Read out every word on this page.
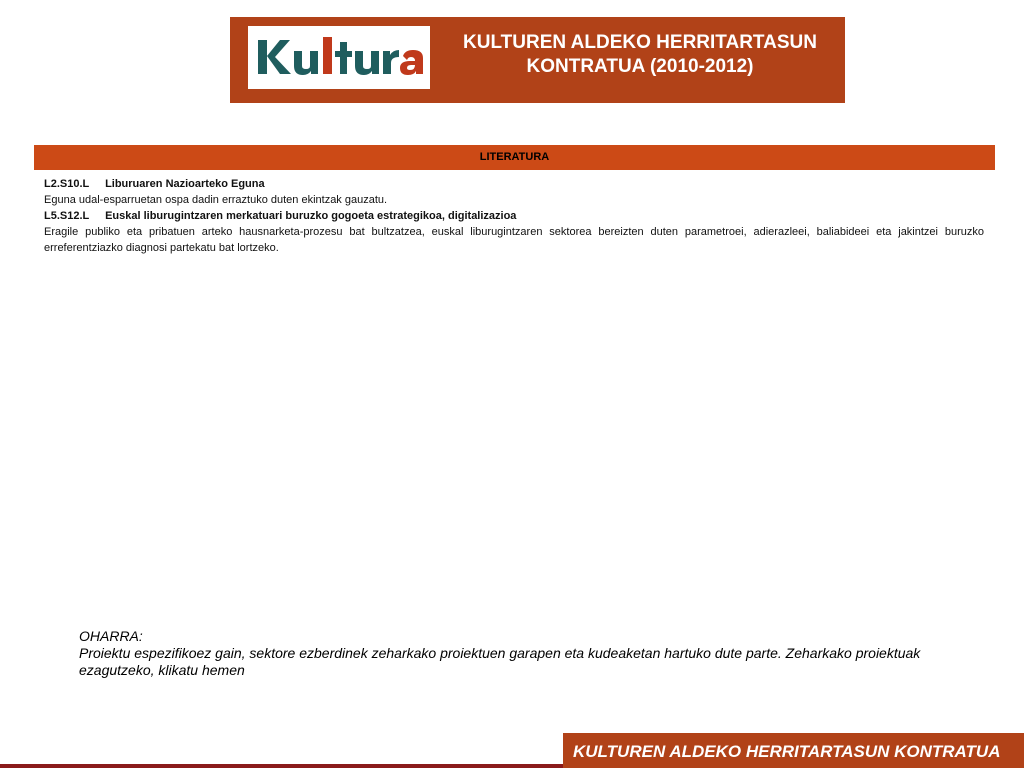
KULTUREN ALDEKO HERRITARTASUN
KONTRATUA (2010-2012)
LITERATURA
L2.S10.L Liburuaren Nazioarteko Eguna
Eguna udal-esparruetan ospa dadin erraztuko duten ekintzak gauzatu.
L5.S12.L Euskal liburugintzaren merkatuari buruzko gogoeta estrategikoa, digitalizazioa
Eragile publiko eta pribatuen arteko hausnarketa-prozesu bat bultzatzea, euskal liburugintzaren sektorea bereizten duten parametroei, adierazleei, baliabideei eta jakintzei buruzko erreferentziazko diagnosi partekatu bat lortzeko.
OHARRA:
Proiektu espezifikoez gain, sektore ezberdinek zeharkako proiektuen garapen eta kudeaketan hartuko dute parte. Zeharkako proiektuak ezagutzeko, klikatu hemen
KULTUREN ALDEKO HERRITARTASUN KONTRATUA
